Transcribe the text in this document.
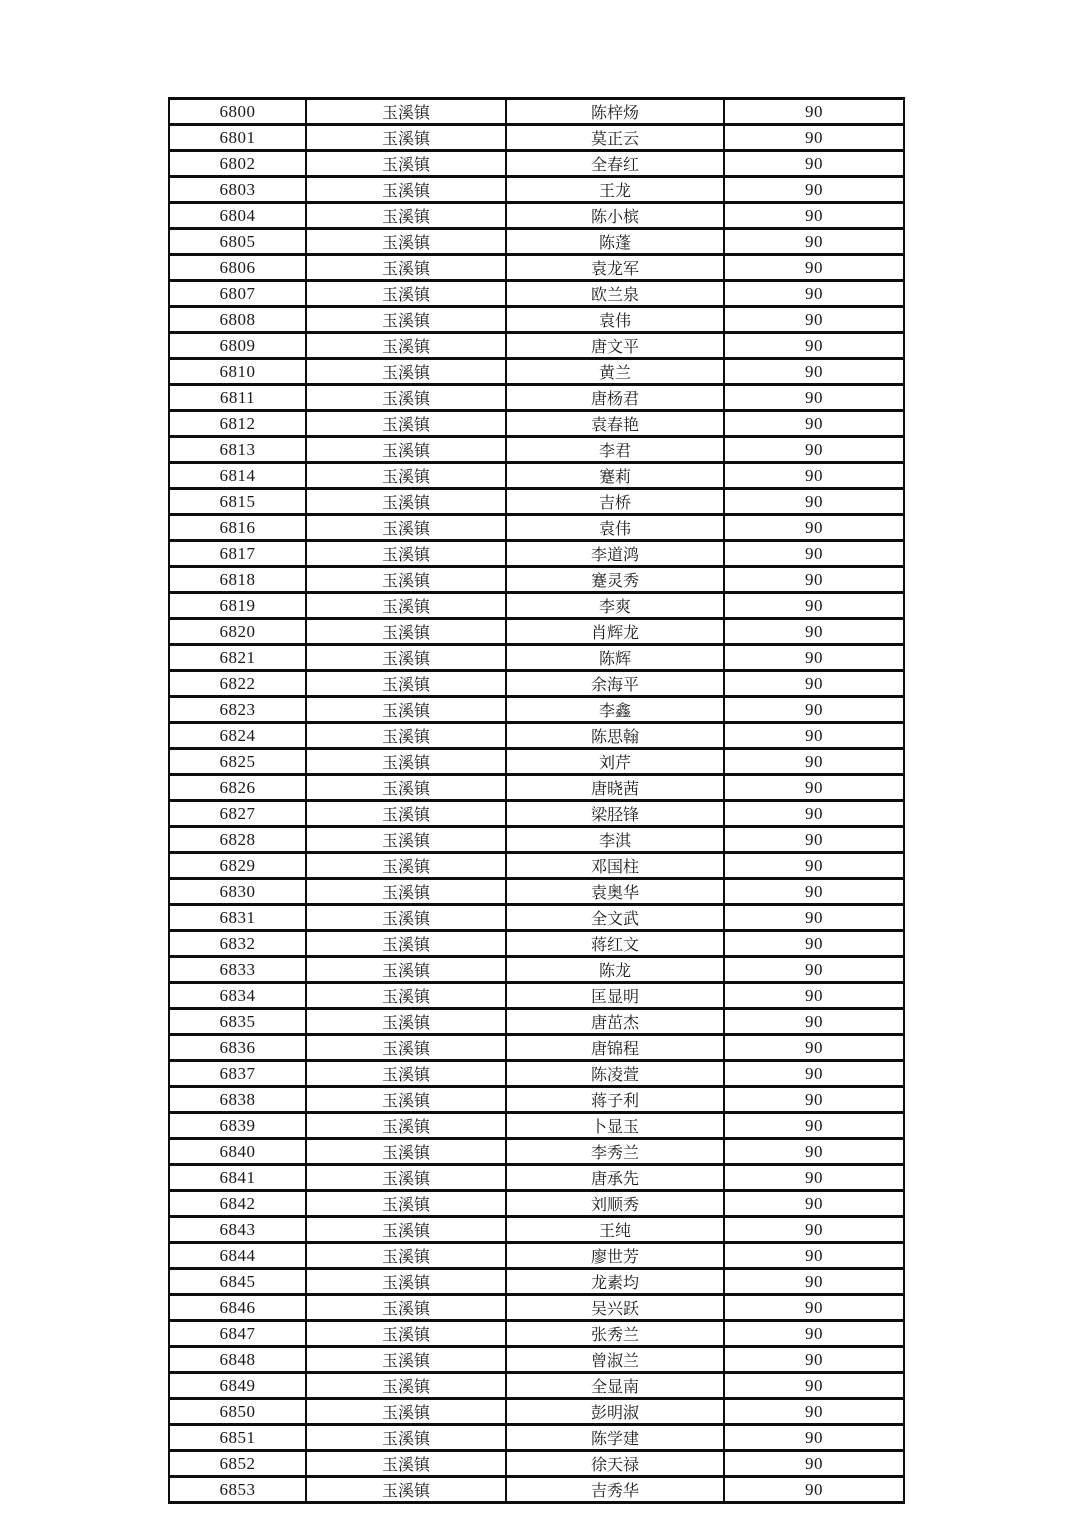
6800	玉溪镇	陈梓炀	90
6801	玉溪镇	莫正云	90
6802	玉溪镇	全春红	90
6803	玉溪镇	王龙	90
6804	玉溪镇	陈小槟	90
6805	玉溪镇	陈蓬	90
6806	玉溪镇	袁龙军	90
6807	玉溪镇	欧兰泉	90
6808	玉溪镇	袁伟	90
6809	玉溪镇	唐文平	90
6810	玉溪镇	黄兰	90
6811	玉溪镇	唐杨君	90
6812	玉溪镇	袁春艳	90
6813	玉溪镇	李君	90
6814	玉溪镇	蹇莉	90
6815	玉溪镇	吉桥	90
6816	玉溪镇	袁伟	90
6817	玉溪镇	李道鸿	90
6818	玉溪镇	蹇灵秀	90
6819	玉溪镇	李爽	90
6820	玉溪镇	肖辉龙	90
6821	玉溪镇	陈辉	90
6822	玉溪镇	余海平	90
6823	玉溪镇	李鑫	90
6824	玉溪镇	陈思翰	90
6825	玉溪镇	刘芹	90
6826	玉溪镇	唐晓茜	90
6827	玉溪镇	梁胫锋	90
6828	玉溪镇	李淇	90
6829	玉溪镇	邓国柱	90
6830	玉溪镇	袁奥华	90
6831	玉溪镇	全文武	90
6832	玉溪镇	蒋红文	90
6833	玉溪镇	陈龙	90
6834	玉溪镇	匡显明	90
6835	玉溪镇	唐茁杰	90
6836	玉溪镇	唐锦程	90
6837	玉溪镇	陈凌萱	90
6838	玉溪镇	蒋子利	90
6839	玉溪镇	卜显玉	90
6840	玉溪镇	李秀兰	90
6841	玉溪镇	唐承先	90
6842	玉溪镇	刘顺秀	90
6843	玉溪镇	王纯	90
6844	玉溪镇	廖世芳	90
6845	玉溪镇	龙素均	90
6846	玉溪镇	吴兴跃	90
6847	玉溪镇	张秀兰	90
6848	玉溪镇	曾淑兰	90
6849	玉溪镇	全显南	90
6850	玉溪镇	彭明淑	90
6851	玉溪镇	陈学建	90
6852	玉溪镇	徐天禄	90
6853	玉溪镇	吉秀华	90
